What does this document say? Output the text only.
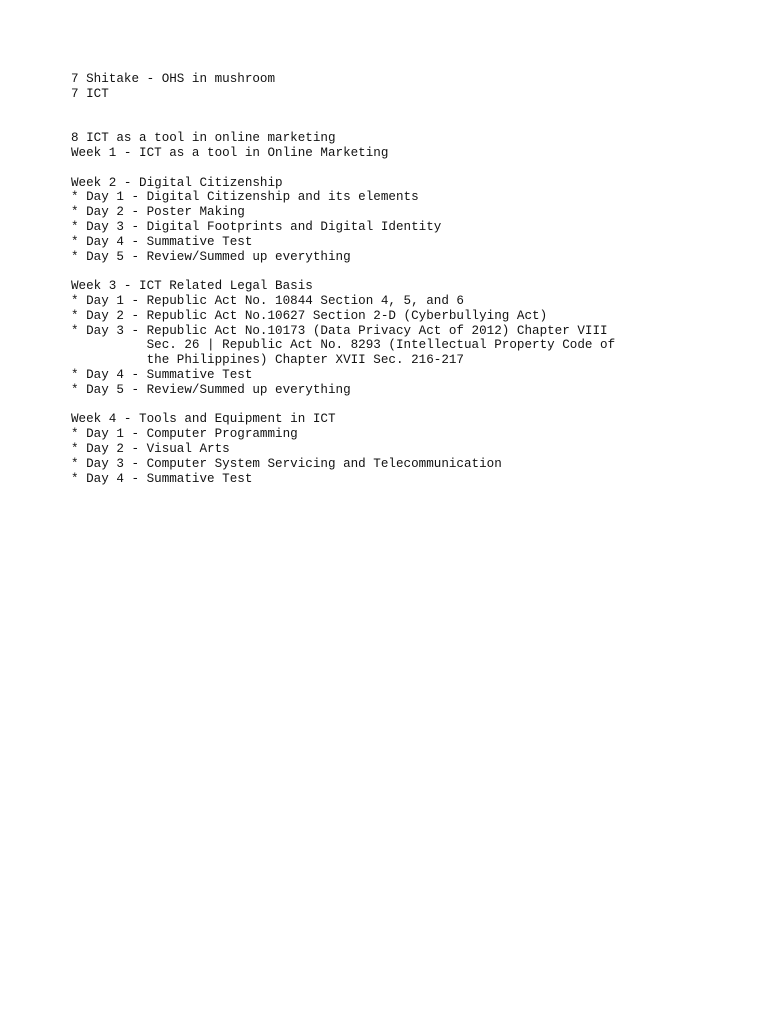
7 Shitake - OHS in mushroom
7 ICT
8 ICT as a tool in online marketing
Week 1 - ICT as a tool in Online Marketing
Week 2 - Digital Citizenship
* Day 1 - Digital Citizenship and its elements
* Day 2 - Poster Making
* Day 3 - Digital Footprints and Digital Identity
* Day 4 - Summative Test
* Day 5 - Review/Summed up everything
Week 3 - ICT Related Legal Basis
* Day 1 - Republic Act No. 10844 Section 4, 5, and 6
* Day 2 - Republic Act No.10627 Section 2-D (Cyberbullying Act)
* Day 3 - Republic Act No.10173 (Data Privacy Act of 2012) Chapter VIII
Sec. 26 | Republic Act No. 8293 (Intellectual Property Code of
the Philippines) Chapter XVII Sec. 216-217
* Day 4 - Summative Test
* Day 5 - Review/Summed up everything
Week 4 - Tools and Equipment in ICT
* Day 1 - Computer Programming
* Day 2 - Visual Arts
* Day 3 - Computer System Servicing and Telecommunication
* Day 4 - Summative Test
